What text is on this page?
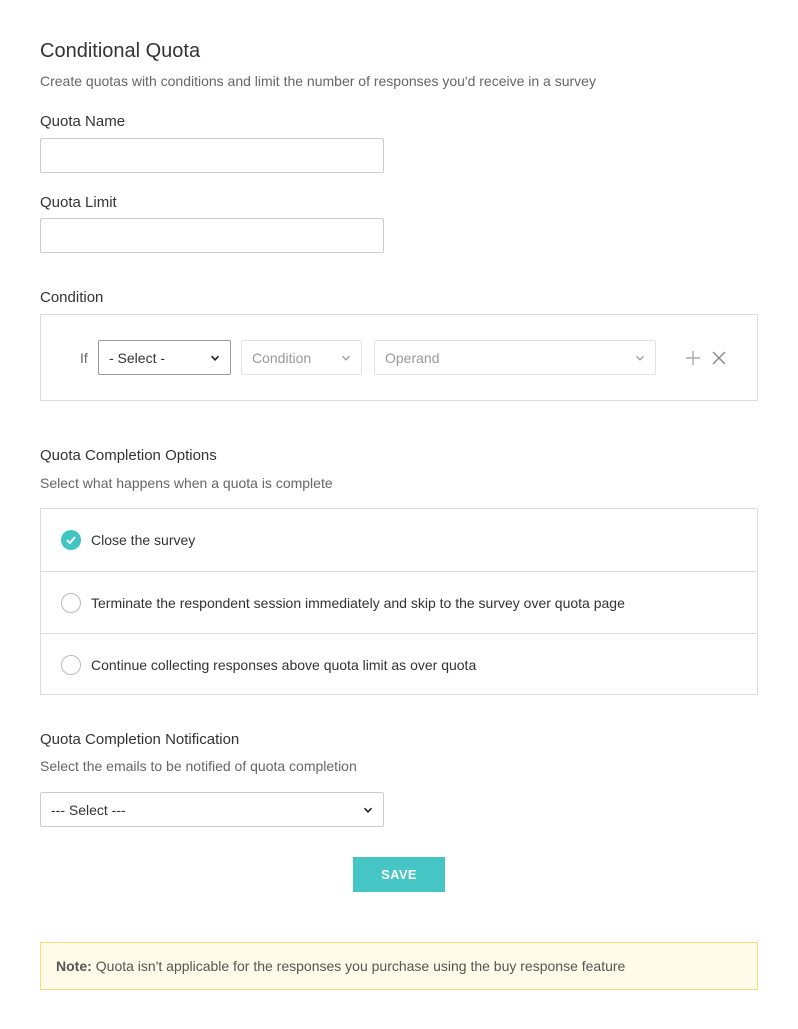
Conditional Quota

Create quotas with conditions and limit the number of responses you'd receive in a survey

Quota Name
Quota Limit
Condition
If - Select -	Condition	Operand
Quota Completion Options
Select what happens when a quota is complete
Close the survey
Terminate the respondent session immediately and skip to the survey over quota page
Continue collecting responses above quota limit as over quota
Quota Completion Notification
Select the emails to be notified of quota completion
--- Select ---
SAVE
Note: Quota isn't applicable for the responses you purchase using the buy response feature
